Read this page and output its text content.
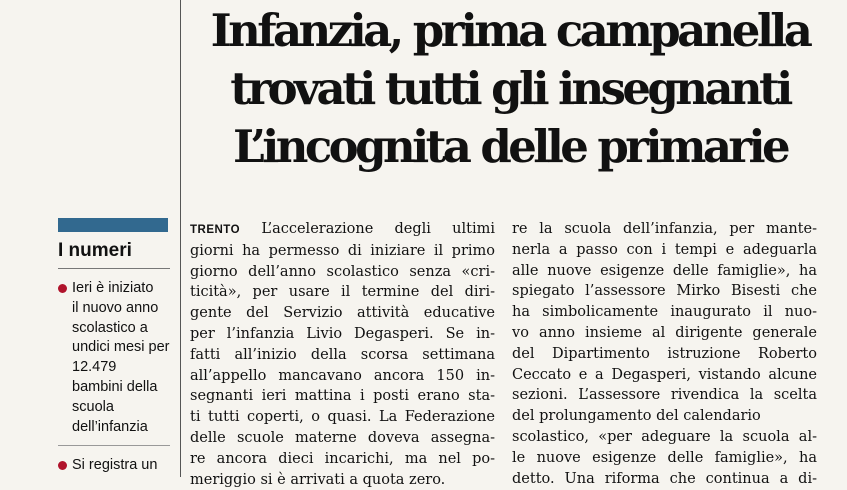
Infanzia, prima campanella
trovati tutti gli insegnanti
L’incognita delle primarie
I numeri
Ieri è iniziato
il nuovo anno
scolastico a
undici mesi per
12.479
bambini della
scuola
dell’infanzia
Si registra un
TRENTO L’accelerazione degli ultimi
giorni ha permesso di iniziare il primo
giorno dell’anno scolastico senza «cri-
ticità», per usare il termine del diri-
gente del Servizio attività educative
per l’infanzia Livio Degasperi. Se in-
fatti all’inizio della scorsa settimana
all’appello mancavano ancora 150 in-
segnanti ieri mattina i posti erano sta-
ti tutti coperti, o quasi. La Federazione
delle scuole materne doveva assegna-
re ancora dieci incarichi, ma nel po-
meriggio si è arrivati a quota zero.
re la scuola dell’infanzia, per mante-
nerla a passo con i tempi e adeguarla
alle nuove esigenze delle famiglie», ha
spiegato l’assessore Mirko Bisesti che
ha simbolicamente inaugurato il nuo-
vo anno insieme al dirigente generale
del Dipartimento istruzione Roberto
Ceccato e a Degasperi, vistando alcune
sezioni. L’assessore rivendica la scelta
del prolungamento del calendario
scolastico, «per adeguare la scuola al-
le nuove esigenze delle famiglie», ha
detto. Una riforma che continua a di-
